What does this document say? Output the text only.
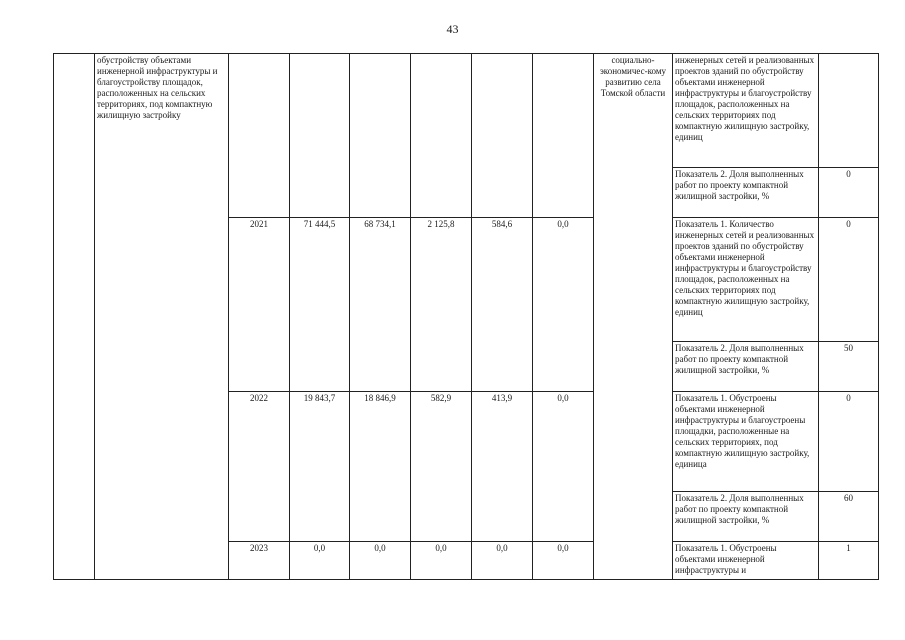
43
	обустройству объектами инженерной инфраструктуры и благоустройству площадок, расположенных на сельских территориях, под компактную жилищную застройку							социально-экономичес-кому развитию села Томской области	инженерных сетей и реализованных проектов зданий по обустройству объектами инженерной инфраструктуры и благоустройству площадок, расположенных на сельских территориях под компактную жилищную застройку, единиц	
									Показатель 2. Доля выполненных работ по проекту компактной жилищной застройки, %	0
		2021	71 444,5	68 734,1	2 125,8	584,6	0,0		Показатель 1. Количество инженерных сетей и реализованных проектов зданий по обустройству объектами инженерной инфраструктуры и благоустройству площадок, расположенных на сельских территориях под компактную жилищную застройку, единиц	0
									Показатель 2. Доля выполненных работ по проекту компактной жилищной застройки, %	50
		2022	19 843,7	18 846,9	582,9	413,9	0,0		Показатель 1. Обустроены объектами инженерной инфраструктуры и благоустроены площадки, расположенные на сельских территориях, под компактную жилищную застройку, единица	0
									Показатель 2. Доля выполненных работ по проекту компактной жилищной застройки, %	60
		2023	0,0	0,0	0,0	0,0	0,0		Показатель 1. Обустроены объектами инженерной инфраструктуры и	1
